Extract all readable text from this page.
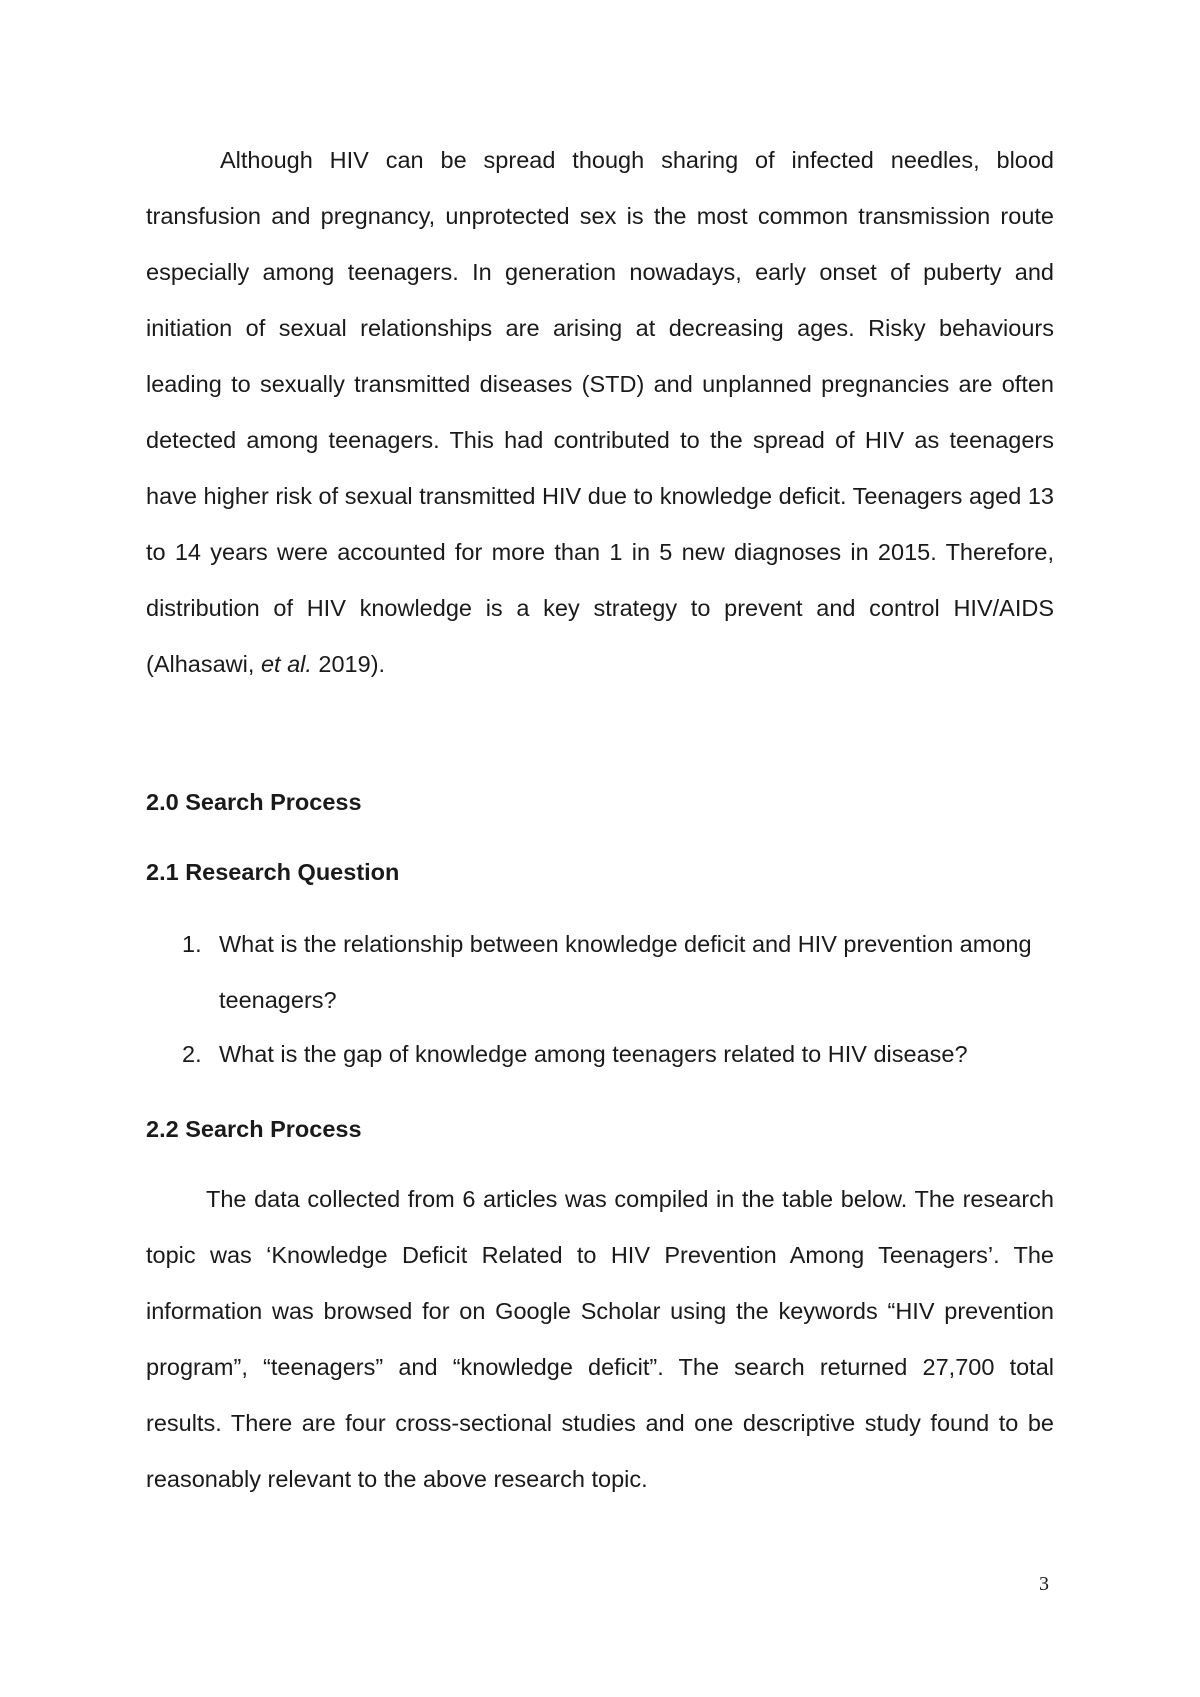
Although HIV can be spread though sharing of infected needles, blood transfusion and pregnancy, unprotected sex is the most common transmission route especially among teenagers. In generation nowadays, early onset of puberty and initiation of sexual relationships are arising at decreasing ages. Risky behaviours leading to sexually transmitted diseases (STD) and unplanned pregnancies are often detected among teenagers. This had contributed to the spread of HIV as teenagers have higher risk of sexual transmitted HIV due to knowledge deficit. Teenagers aged 13 to 14 years were accounted for more than 1 in 5 new diagnoses in 2015. Therefore, distribution of HIV knowledge is a key strategy to prevent and control HIV/AIDS (Alhasawi, et al. 2019).

2.0 Search Process
2.1 Research Question
1. What is the relationship between knowledge deficit and HIV prevention among teenagers?
2. What is the gap of knowledge among teenagers related to HIV disease?
2.2 Search Process

The data collected from 6 articles was compiled in the table below. The research topic was ‘Knowledge Deficit Related to HIV Prevention Among Teenagers’. The information was browsed for on Google Scholar using the keywords “HIV prevention program”, “teenagers” and “knowledge deficit”. The search returned 27,700 total results. There are four cross-sectional studies and one descriptive study found to be reasonably relevant to the above research topic.

3
